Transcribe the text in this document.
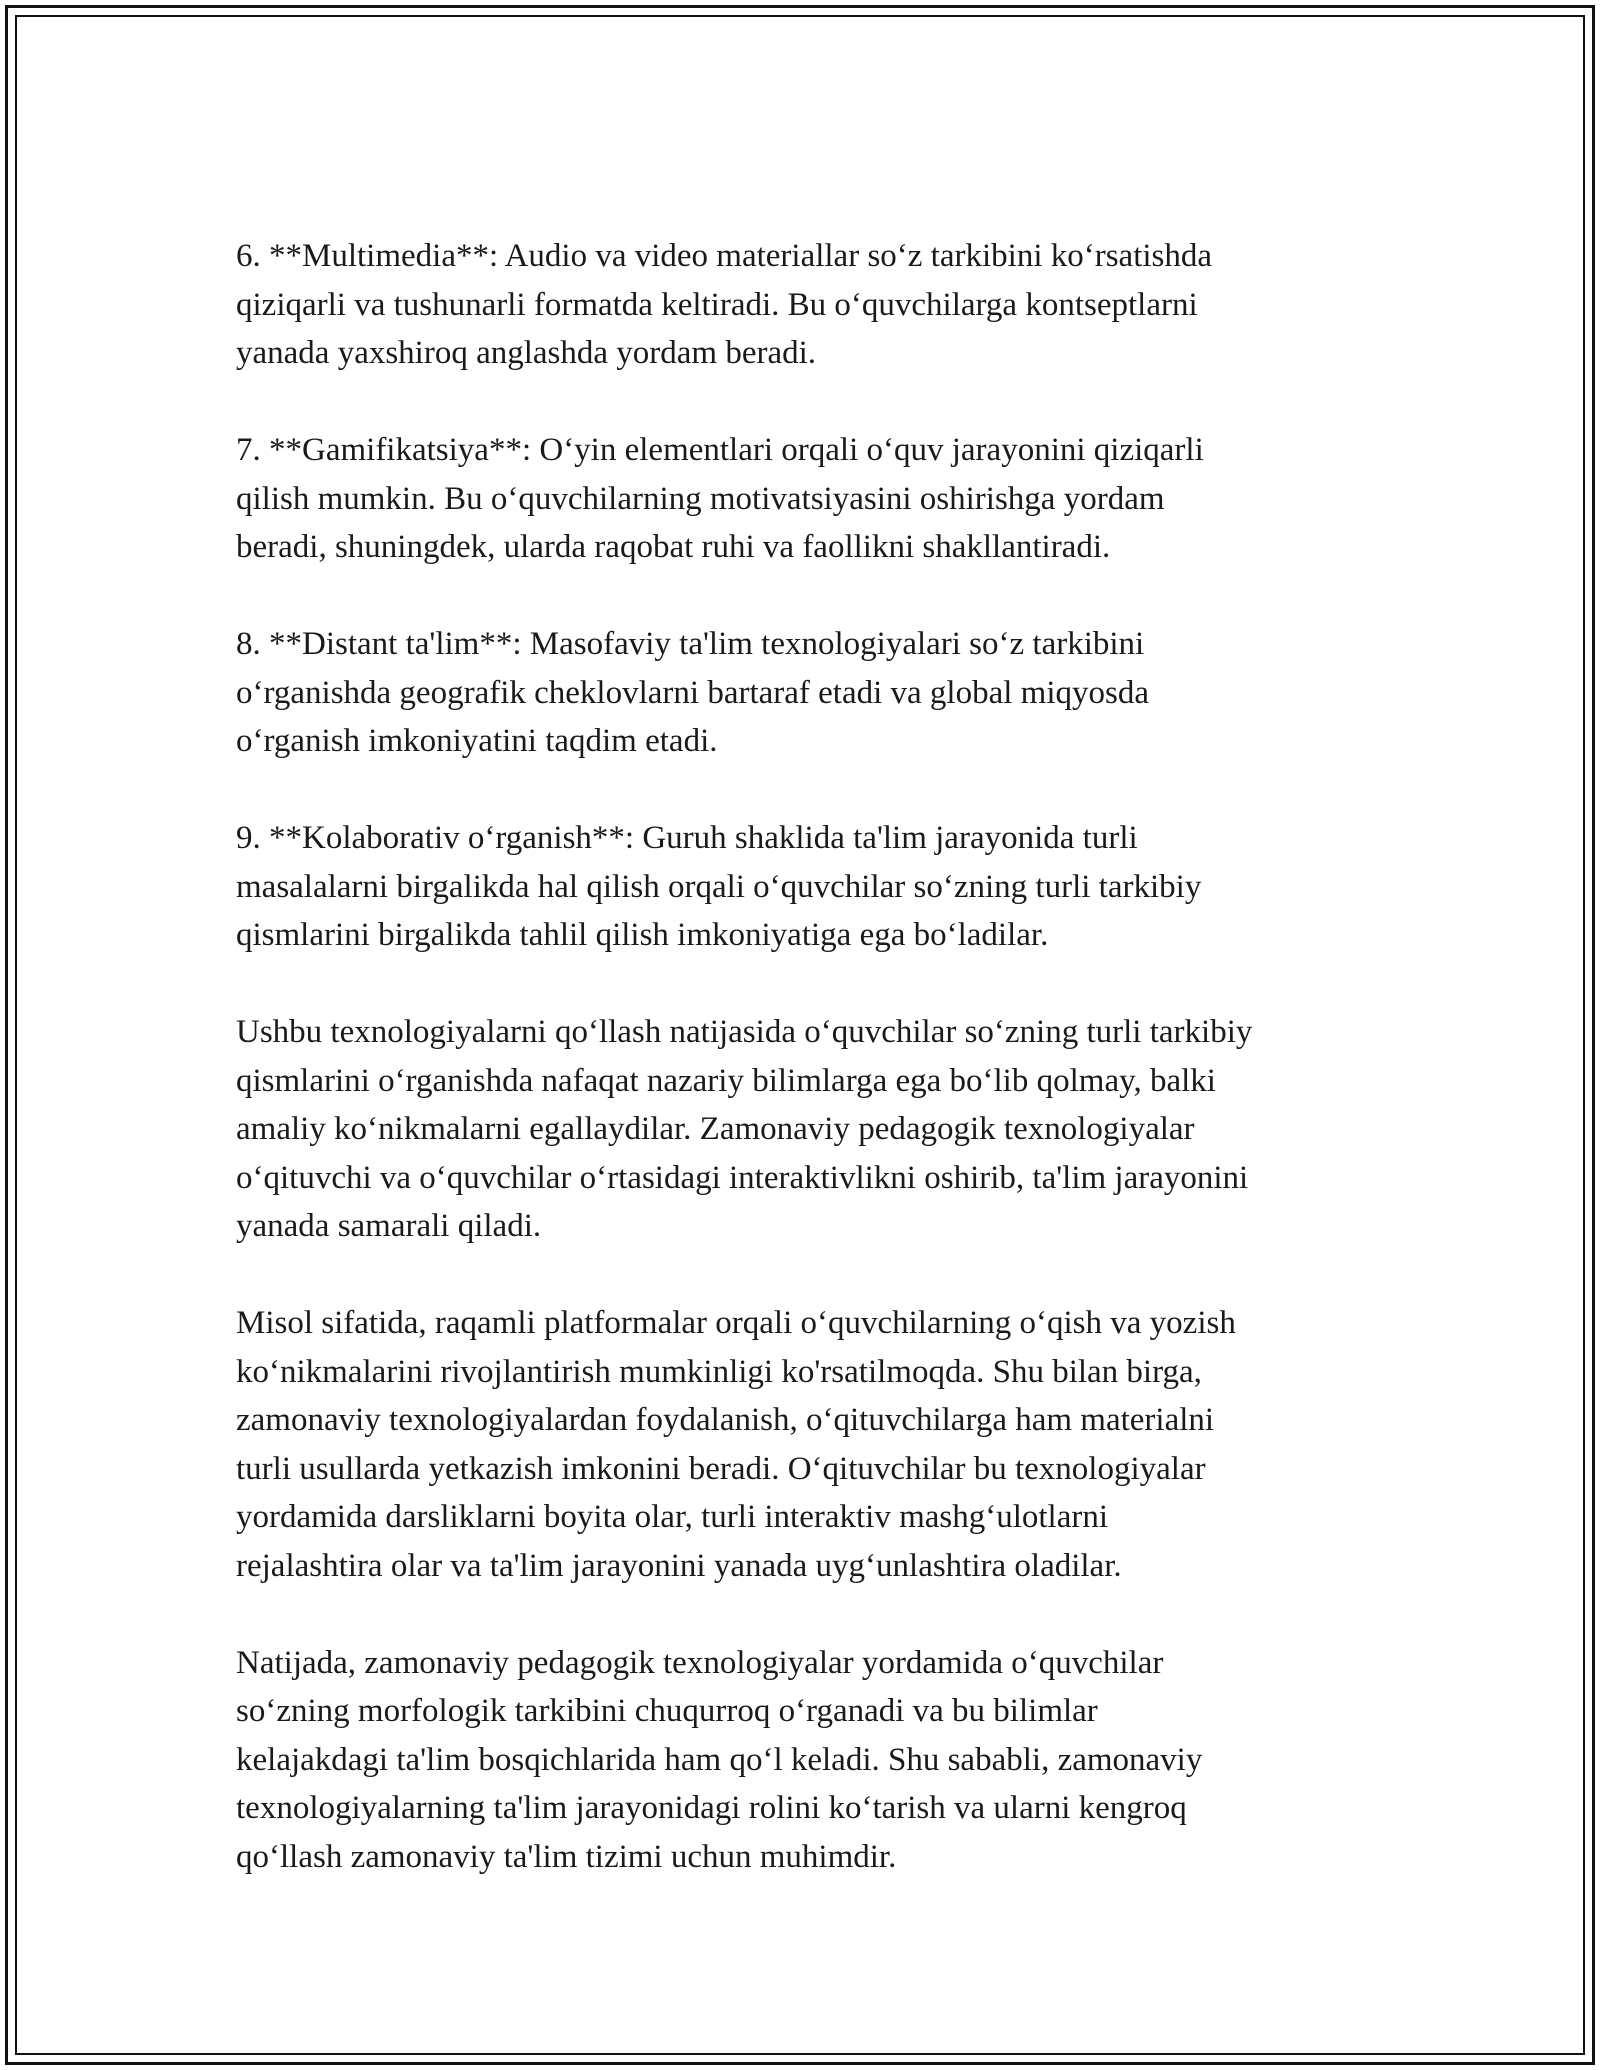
6. **Multimedia**: Audio va video materiallar so‘z tarkibini ko‘rsatishda
qiziqarli va tushunarli formatda keltiradi. Bu o‘quvchilarga kontseptlarni
yanada yaxshiroq anglashda yordam beradi.

7. **Gamifikatsiya**: O‘yin elementlari orqali o‘quv jarayonini qiziqarli
qilish mumkin. Bu o‘quvchilarning motivatsiyasini oshirishga yordam
beradi, shuningdek, ularda raqobat ruhi va faollikni shakllantiradi.

8. **Distant ta'lim**: Masofaviy ta'lim texnologiyalari so‘z tarkibini
o‘rganishda geografik cheklovlarni bartaraf etadi va global miqyosda
o‘rganish imkoniyatini taqdim etadi.

9. **Kolaborativ o‘rganish**: Guruh shaklida ta'lim jarayonida turli
masalalarni birgalikda hal qilish orqali o‘quvchilar so‘zning turli tarkibiy
qismlarini birgalikda tahlil qilish imkoniyatiga ega bo‘ladilar.

Ushbu texnologiyalarni qo‘llash natijasida o‘quvchilar so‘zning turli tarkibiy
qismlarini o‘rganishda nafaqat nazariy bilimlarga ega bo‘lib qolmay, balki
amaliy ko‘nikmalarni egallaydilar. Zamonaviy pedagogik texnologiyalar
o‘qituvchi va o‘quvchilar o‘rtasidagi interaktivlikni oshirib, ta'lim jarayonini
yanada samarali qiladi.

Misol sifatida, raqamli platformalar orqali o‘quvchilarning o‘qish va yozish
ko‘nikmalarini rivojlantirish mumkinligi ko'rsatilmoqda. Shu bilan birga,
zamonaviy texnologiyalardan foydalanish, o‘qituvchilarga ham materialni
turli usullarda yetkazish imkonini beradi. O‘qituvchilar bu texnologiyalar
yordamida darsliklarni boyita olar, turli interaktiv mashg‘ulotlarni
rejalashtira olar va ta'lim jarayonini yanada uyg‘unlashtira oladilar.

Natijada, zamonaviy pedagogik texnologiyalar yordamida o‘quvchilar
so‘zning morfologik tarkibini chuqurroq o‘rganadi va bu bilimlar
kelajakdagi ta'lim bosqichlarida ham qo‘l keladi. Shu sababli, zamonaviy
texnologiyalarning ta'lim jarayonidagi rolini ko‘tarish va ularni kengroq
qo‘llash zamonaviy ta'lim tizimi uchun muhimdir.
